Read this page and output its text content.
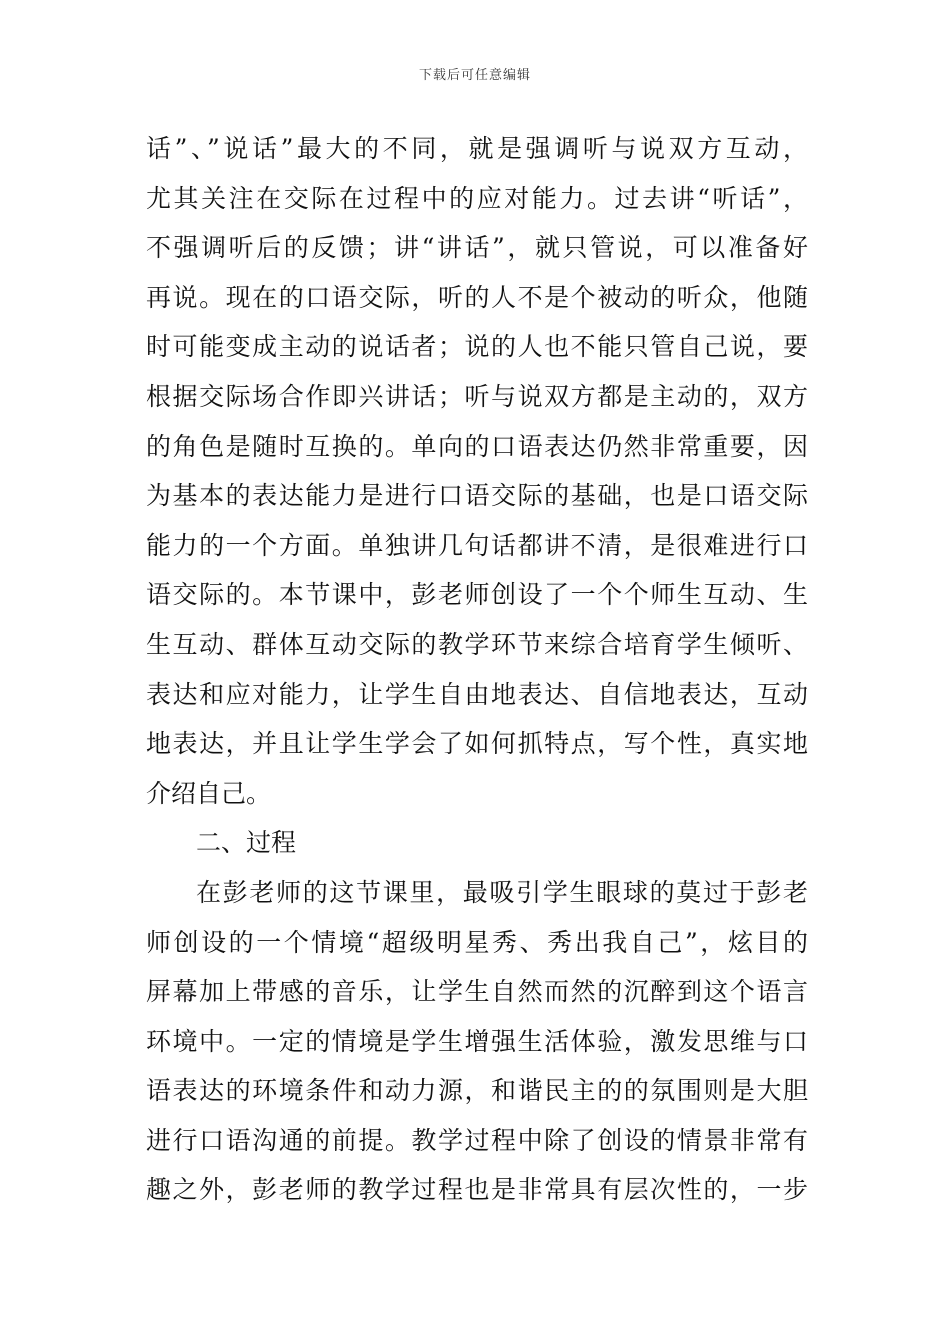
下载后可任意编辑
话”、”说话”最大的不同，就是强调听与说双方互动，
尤其关注在交际在过程中的应对能力。过去讲“听话”，
不强调听后的反馈；讲“讲话”，就只管说，可以准备好
再说。现在的口语交际，听的人不是个被动的听众，他随
时可能变成主动的说话者；说的人也不能只管自己说，要
根据交际场合作即兴讲话；听与说双方都是主动的，双方
的角色是随时互换的。单向的口语表达仍然非常重要，因
为基本的表达能力是进行口语交际的基础，也是口语交际
能力的一个方面。单独讲几句话都讲不清，是很难进行口
语交际的。本节课中，彭老师创设了一个个师生互动、生
生互动、群体互动交际的教学环节来综合培育学生倾听、
表达和应对能力，让学生自由地表达、自信地表达，互动
地表达，并且让学生学会了如何抓特点，写个性，真实地
介绍自己。
二、过程
在彭老师的这节课里，最吸引学生眼球的莫过于彭老
师创设的一个情境“超级明星秀、秀出我自己”，炫目的
屏幕加上带感的音乐，让学生自然而然的沉醉到这个语言
环境中。一定的情境是学生增强生活体验，激发思维与口
语表达的环境条件和动力源，和谐民主的的氛围则是大胆
进行口语沟通的前提。教学过程中除了创设的情景非常有
趣之外，彭老师的教学过程也是非常具有层次性的，一步
